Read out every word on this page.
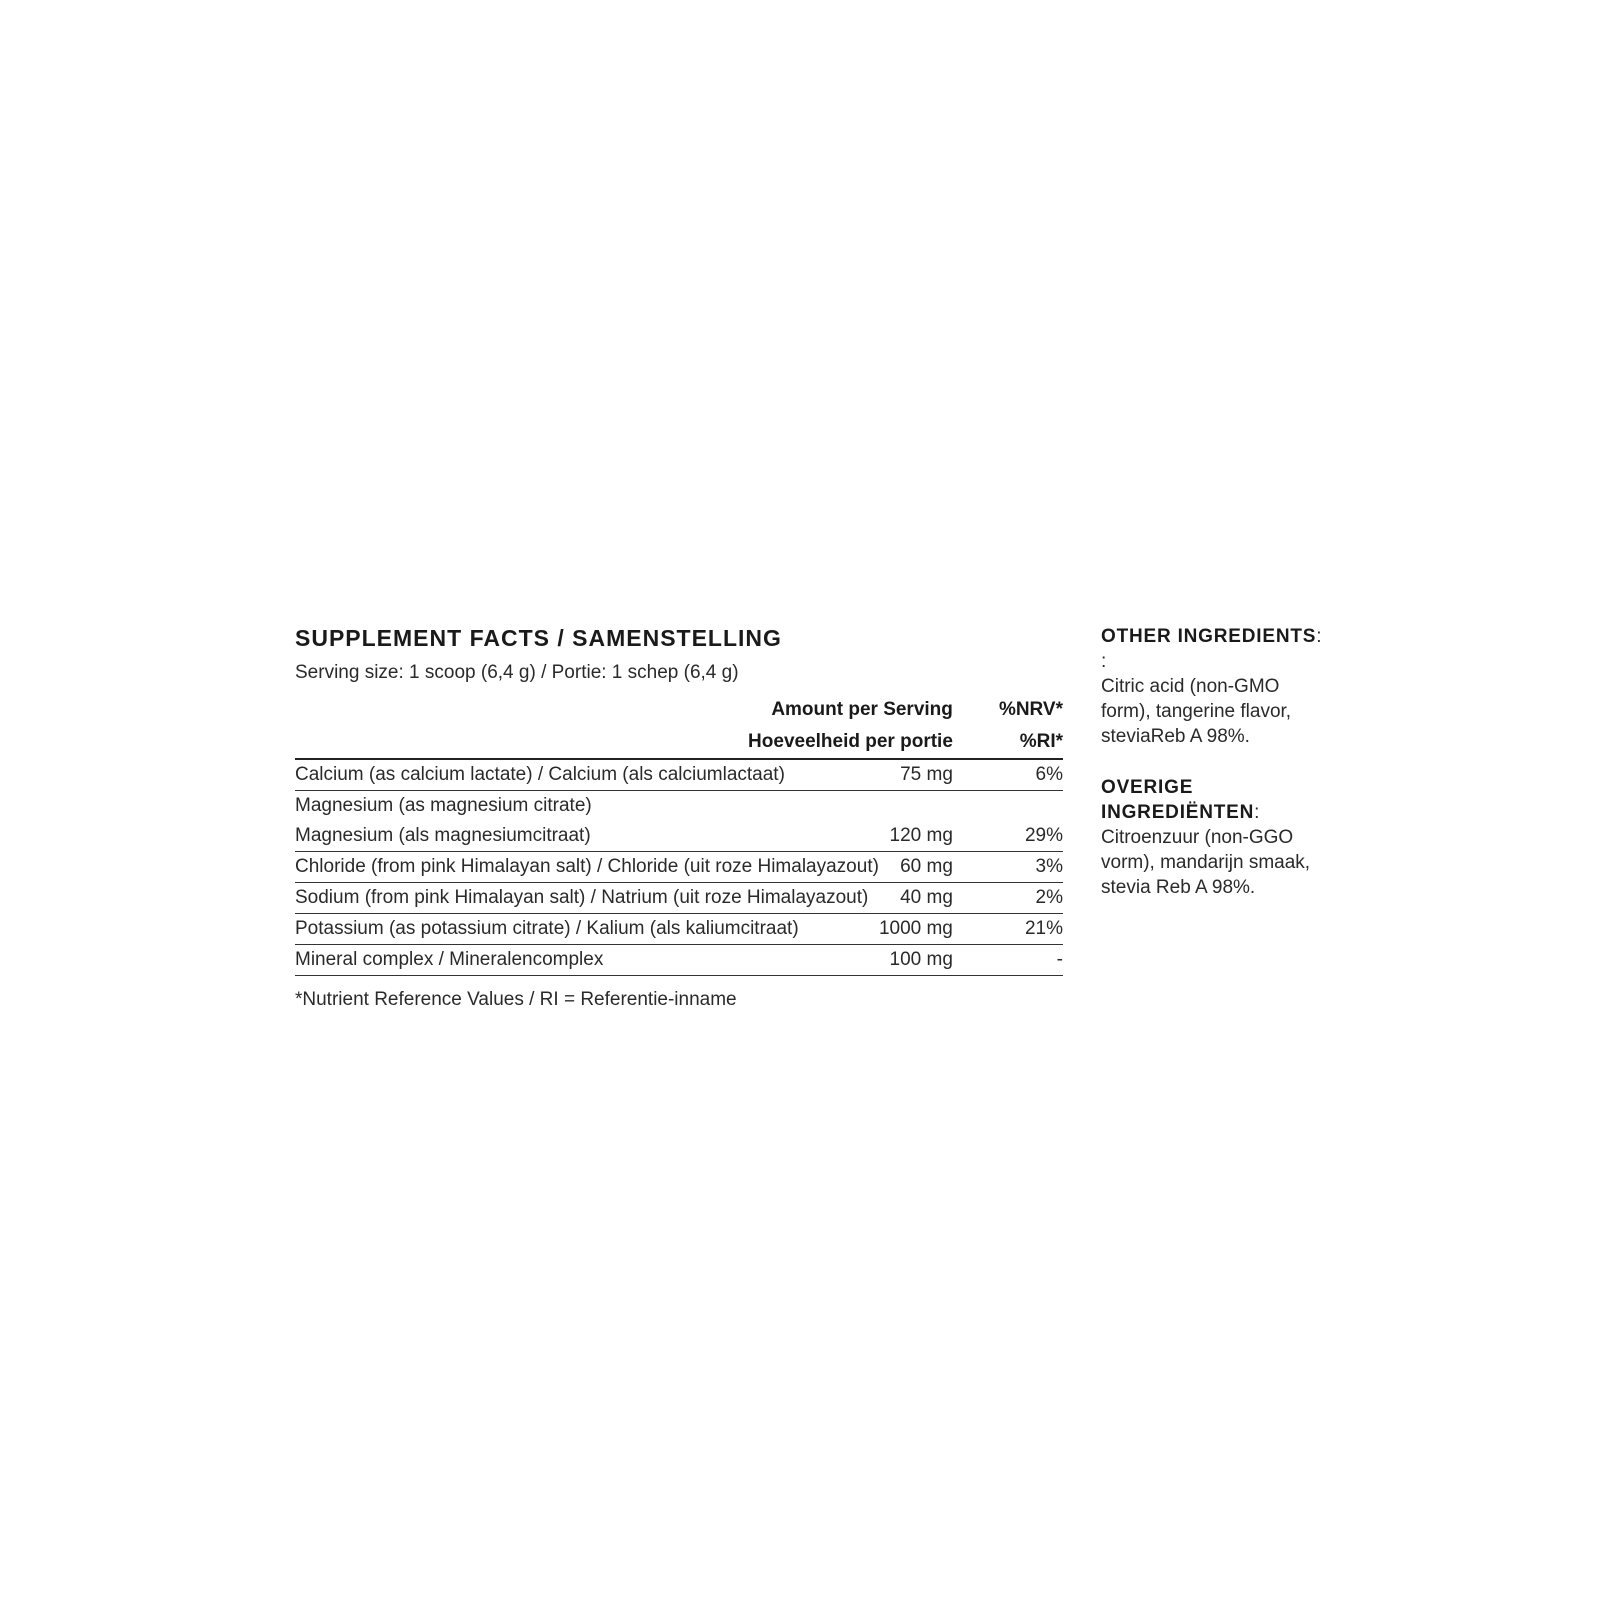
SUPPLEMENT FACTS / SAMENSTELLING
Serving size: 1 scoop (6,4 g) / Portie: 1 schep (6,4 g)
Amount per Serving			%NRV*
Hoeveelheid per portie			%RI*
Calcium (as calcium lactate) / Calcium (als calciumlactaat)	75 mg		6%
Magnesium (as magnesium citrate)			
Magnesium (als magnesiumcitraat)	120 mg		29%
Chloride (from pink Himalayan salt) / Chloride (uit roze Himalayazout)	60 mg		3%
Sodium (from pink Himalayan salt) / Natrium (uit roze Himalayazout)	40 mg		2%
Potassium (as potassium citrate) / Kalium (als kaliumcitraat)	1000 mg		21%
Mineral complex / Mineralencomplex	100 mg		-
*Nutrient Reference Values / RI = Referentie-inname
OTHER INGREDIENTS: :
Citric acid (non-GMO form), tangerine flavor, steviaReb A 98%.
OVERIGE INGREDIËNTEN:
Citroenzuur (non-GGO vorm), mandarijn smaak, stevia Reb A 98%.
